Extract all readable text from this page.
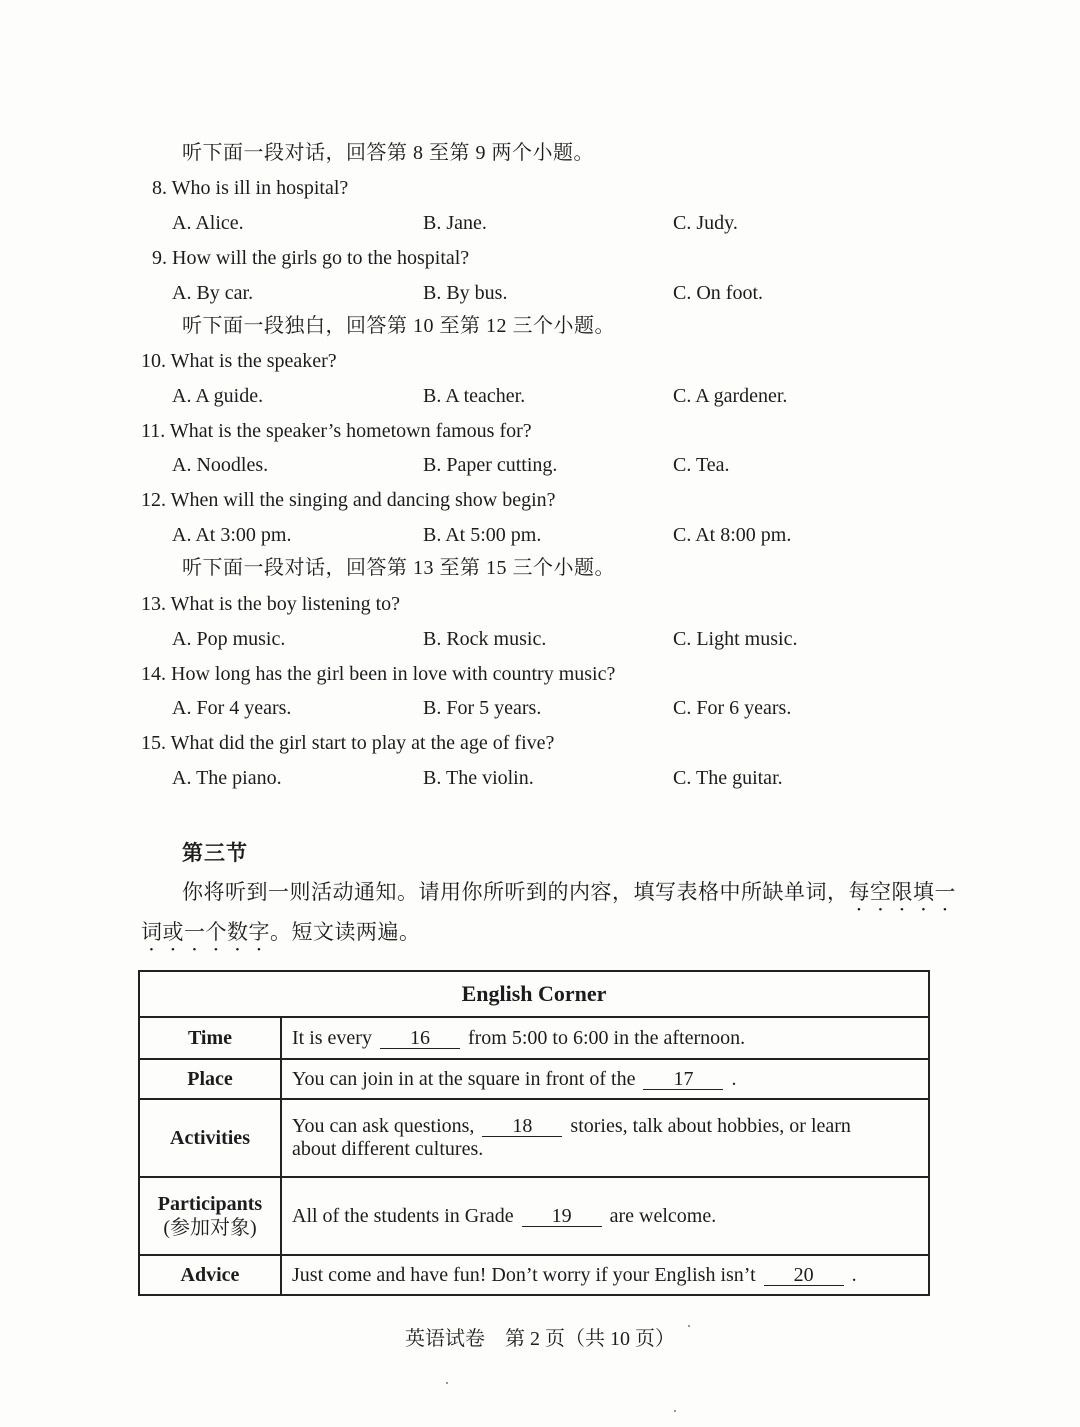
听下面一段对话，回答第 8 至第 9 两个小题。
8. Who is ill in hospital?
A. Alice.	B. Jane.	C. Judy.
9. How will the girls go to the hospital?
A. By car.	B. By bus.	C. On foot.
听下面一段独白，回答第 10 至第 12 三个小题。
10. What is the speaker?
A. A guide.	B. A teacher.	C. A gardener.
11. What is the speaker’s hometown famous for?
A. Noodles.	B. Paper cutting.	C. Tea.
12. When will the singing and dancing show begin?
A. At 3:00 pm.	B. At 5:00 pm.	C. At 8:00 pm.
听下面一段对话，回答第 13 至第 15 三个小题。
13. What is the boy listening to?
A. Pop music.	B. Rock music.	C. Light music.
14. How long has the girl been in love with country music?
A. For 4 years.	B. For 5 years.	C. For 6 years.
15. What did the girl start to play at the age of five?
A. The piano.	B. The violin.	C. The guitar.
第三节
你将听到一则活动通知。请用你所听到的内容，填写表格中所缺单词，每空限填一
词或一个数字。短文读两遍。
English Corner	
Time	It is every 16 from 5:00 to 6:00 in the afternoon.
Place	You can join in at the square in front of the 17 .
Activities	You can ask questions, 18 stories, talk about hobbies, or learn
about different cultures.
Participants
(参加对象)	All of the students in Grade 19 are welcome.
Advice	Just come and have fun! Don’t worry if your English isn’t 20 .
英语试卷　第 2 页（共 10 页）
